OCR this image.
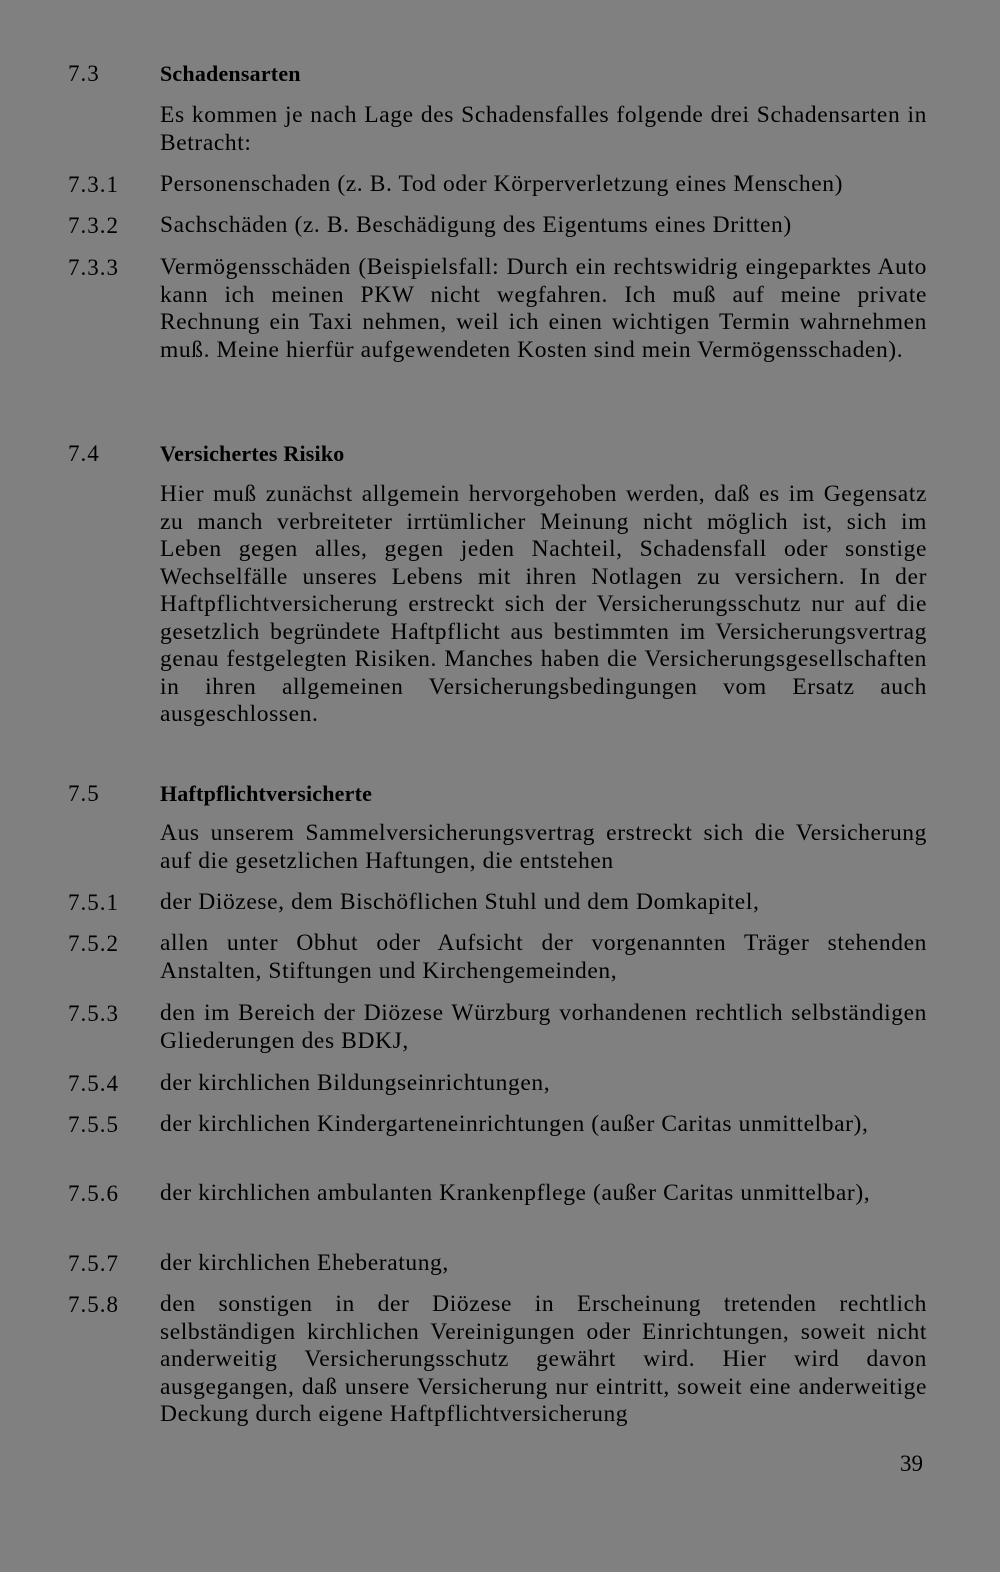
7.3	Schadensarten
Es kommen je nach Lage des Schadensfalles folgende drei Schadensarten in Betracht:
7.3.1 Personenschaden (z. B. Tod oder Körperverletzung eines Menschen)
7.3.2 Sachschäden (z. B. Beschädigung des Eigentums eines Dritten)
7.3.3 Vermögensschäden (Beispielsfall: Durch ein rechtswidrig eingeparktes Auto kann ich meinen PKW nicht wegfahren. Ich muß auf meine private Rechnung ein Taxi nehmen, weil ich einen wichtigen Termin wahrnehmen muß. Meine hierfür aufgewendeten Kosten sind mein Vermögensschaden).
7.4	Versichertes Risiko
Hier muß zunächst allgemein hervorgehoben werden, daß es im Gegensatz zu manch verbreiteter irrtümlicher Meinung nicht möglich ist, sich im Leben gegen alles, gegen jeden Nachteil, Schadensfall oder sonstige Wechselfälle unseres Lebens mit ihren Notlagen zu versichern. In der Haftpflichtversicherung erstreckt sich der Versicherungsschutz nur auf die gesetzlich begründete Haftpflicht aus bestimmten im Versicherungsvertrag genau festgelegten Risiken. Manches haben die Versicherungsgesellschaften in ihren allgemeinen Versicherungsbedingungen vom Ersatz auch ausgeschlossen.
7.5	Haftpflichtversicherte
Aus unserem Sammelversicherungsvertrag erstreckt sich die Versicherung auf die gesetzlichen Haftungen, die entstehen
7.5.1 der Diözese, dem Bischöflichen Stuhl und dem Domkapitel,
7.5.2 allen unter Obhut oder Aufsicht der vorgenannten Träger stehenden Anstalten, Stiftungen und Kirchengemeinden,
7.5.3 den im Bereich der Diözese Würzburg vorhandenen rechtlich selbständigen Gliederungen des BDKJ,
7.5.4 der kirchlichen Bildungseinrichtungen,
7.5.5 der kirchlichen Kindergarteneinrichtungen (außer Caritas unmittelbar),
7.5.6 der kirchlichen ambulanten Krankenpflege (außer Caritas unmittelbar),
7.5.7 der kirchlichen Eheberatung,
7.5.8 den sonstigen in der Diözese in Erscheinung tretenden rechtlich selbständigen kirchlichen Vereinigungen oder Einrichtungen, soweit nicht anderweitig Versicherungsschutz gewährt wird. Hier wird davon ausgegangen, daß unsere Versicherung nur eintritt, soweit eine anderweitige Deckung durch eigene Haftpflichtversicherung
39
